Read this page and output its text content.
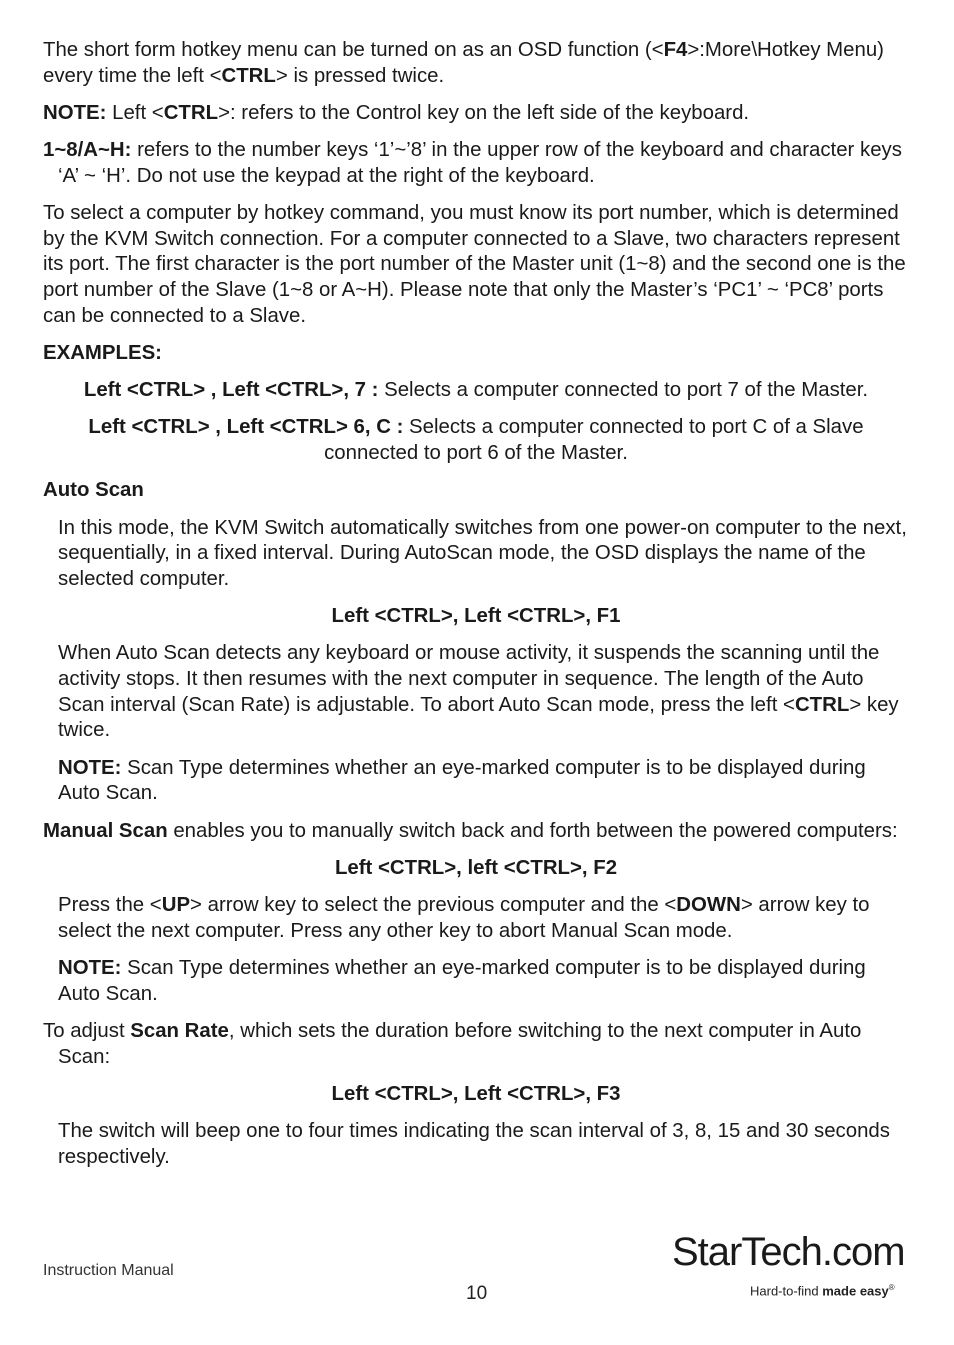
The short form hotkey menu can be turned on as an OSD function (<F4>:More\Hotkey Menu) every time the left <CTRL> is pressed twice.

NOTE: Left <CTRL>: refers to the Control key on the left side of the keyboard.

1~8/A~H: refers to the number keys ‘1’~’8’ in the upper row of the keyboard and character keys ‘A’ ~ ‘H’. Do not use the keypad at the right of the keyboard.

To select a computer by hotkey command, you must know its port number, which is determined by the KVM Switch connection. For a computer connected to a Slave, two characters represent its port. The first character is the port number of the Master unit (1~8) and the second one is the port number of the Slave (1~8 or A~H). Please note that only the Master’s ‘PC1’ ~ ‘PC8’ ports can be connected to a Slave.

EXAMPLES:

Left <CTRL> , Left <CTRL>, 7 : Selects a computer connected to port 7 of the Master.

Left <CTRL> , Left <CTRL> 6, C : Selects a computer connected to port C of a Slave connected to port 6 of the Master.

Auto Scan

In this mode, the KVM Switch automatically switches from one power-on computer to the next, sequentially, in a fixed interval. During AutoScan mode, the OSD displays the name of the selected computer.

Left <CTRL>, Left <CTRL>, F1

When Auto Scan detects any keyboard or mouse activity, it suspends the scanning until the activity stops. It then resumes with the next computer in sequence. The length of the Auto Scan interval (Scan Rate) is adjustable. To abort Auto Scan mode, press the left <CTRL> key twice.

NOTE: Scan Type determines whether an eye-marked computer is to be displayed during Auto Scan.

Manual Scan enables you to manually switch back and forth between the powered computers:

Left <CTRL>, left <CTRL>, F2

Press the <UP> arrow key to select the previous computer and the <DOWN> arrow key to select the next computer. Press any other key to abort Manual Scan mode.

NOTE: Scan Type determines whether an eye-marked computer is to be displayed during Auto Scan.

To adjust Scan Rate, which sets the duration before switching to the next computer in Auto Scan:

Left <CTRL>, Left <CTRL>, F3

The switch will beep one to four times indicating the scan interval of 3, 8, 15 and 30 seconds respectively.

Instruction Manual
10
StarTech.com
Hard-to-find made easy®
